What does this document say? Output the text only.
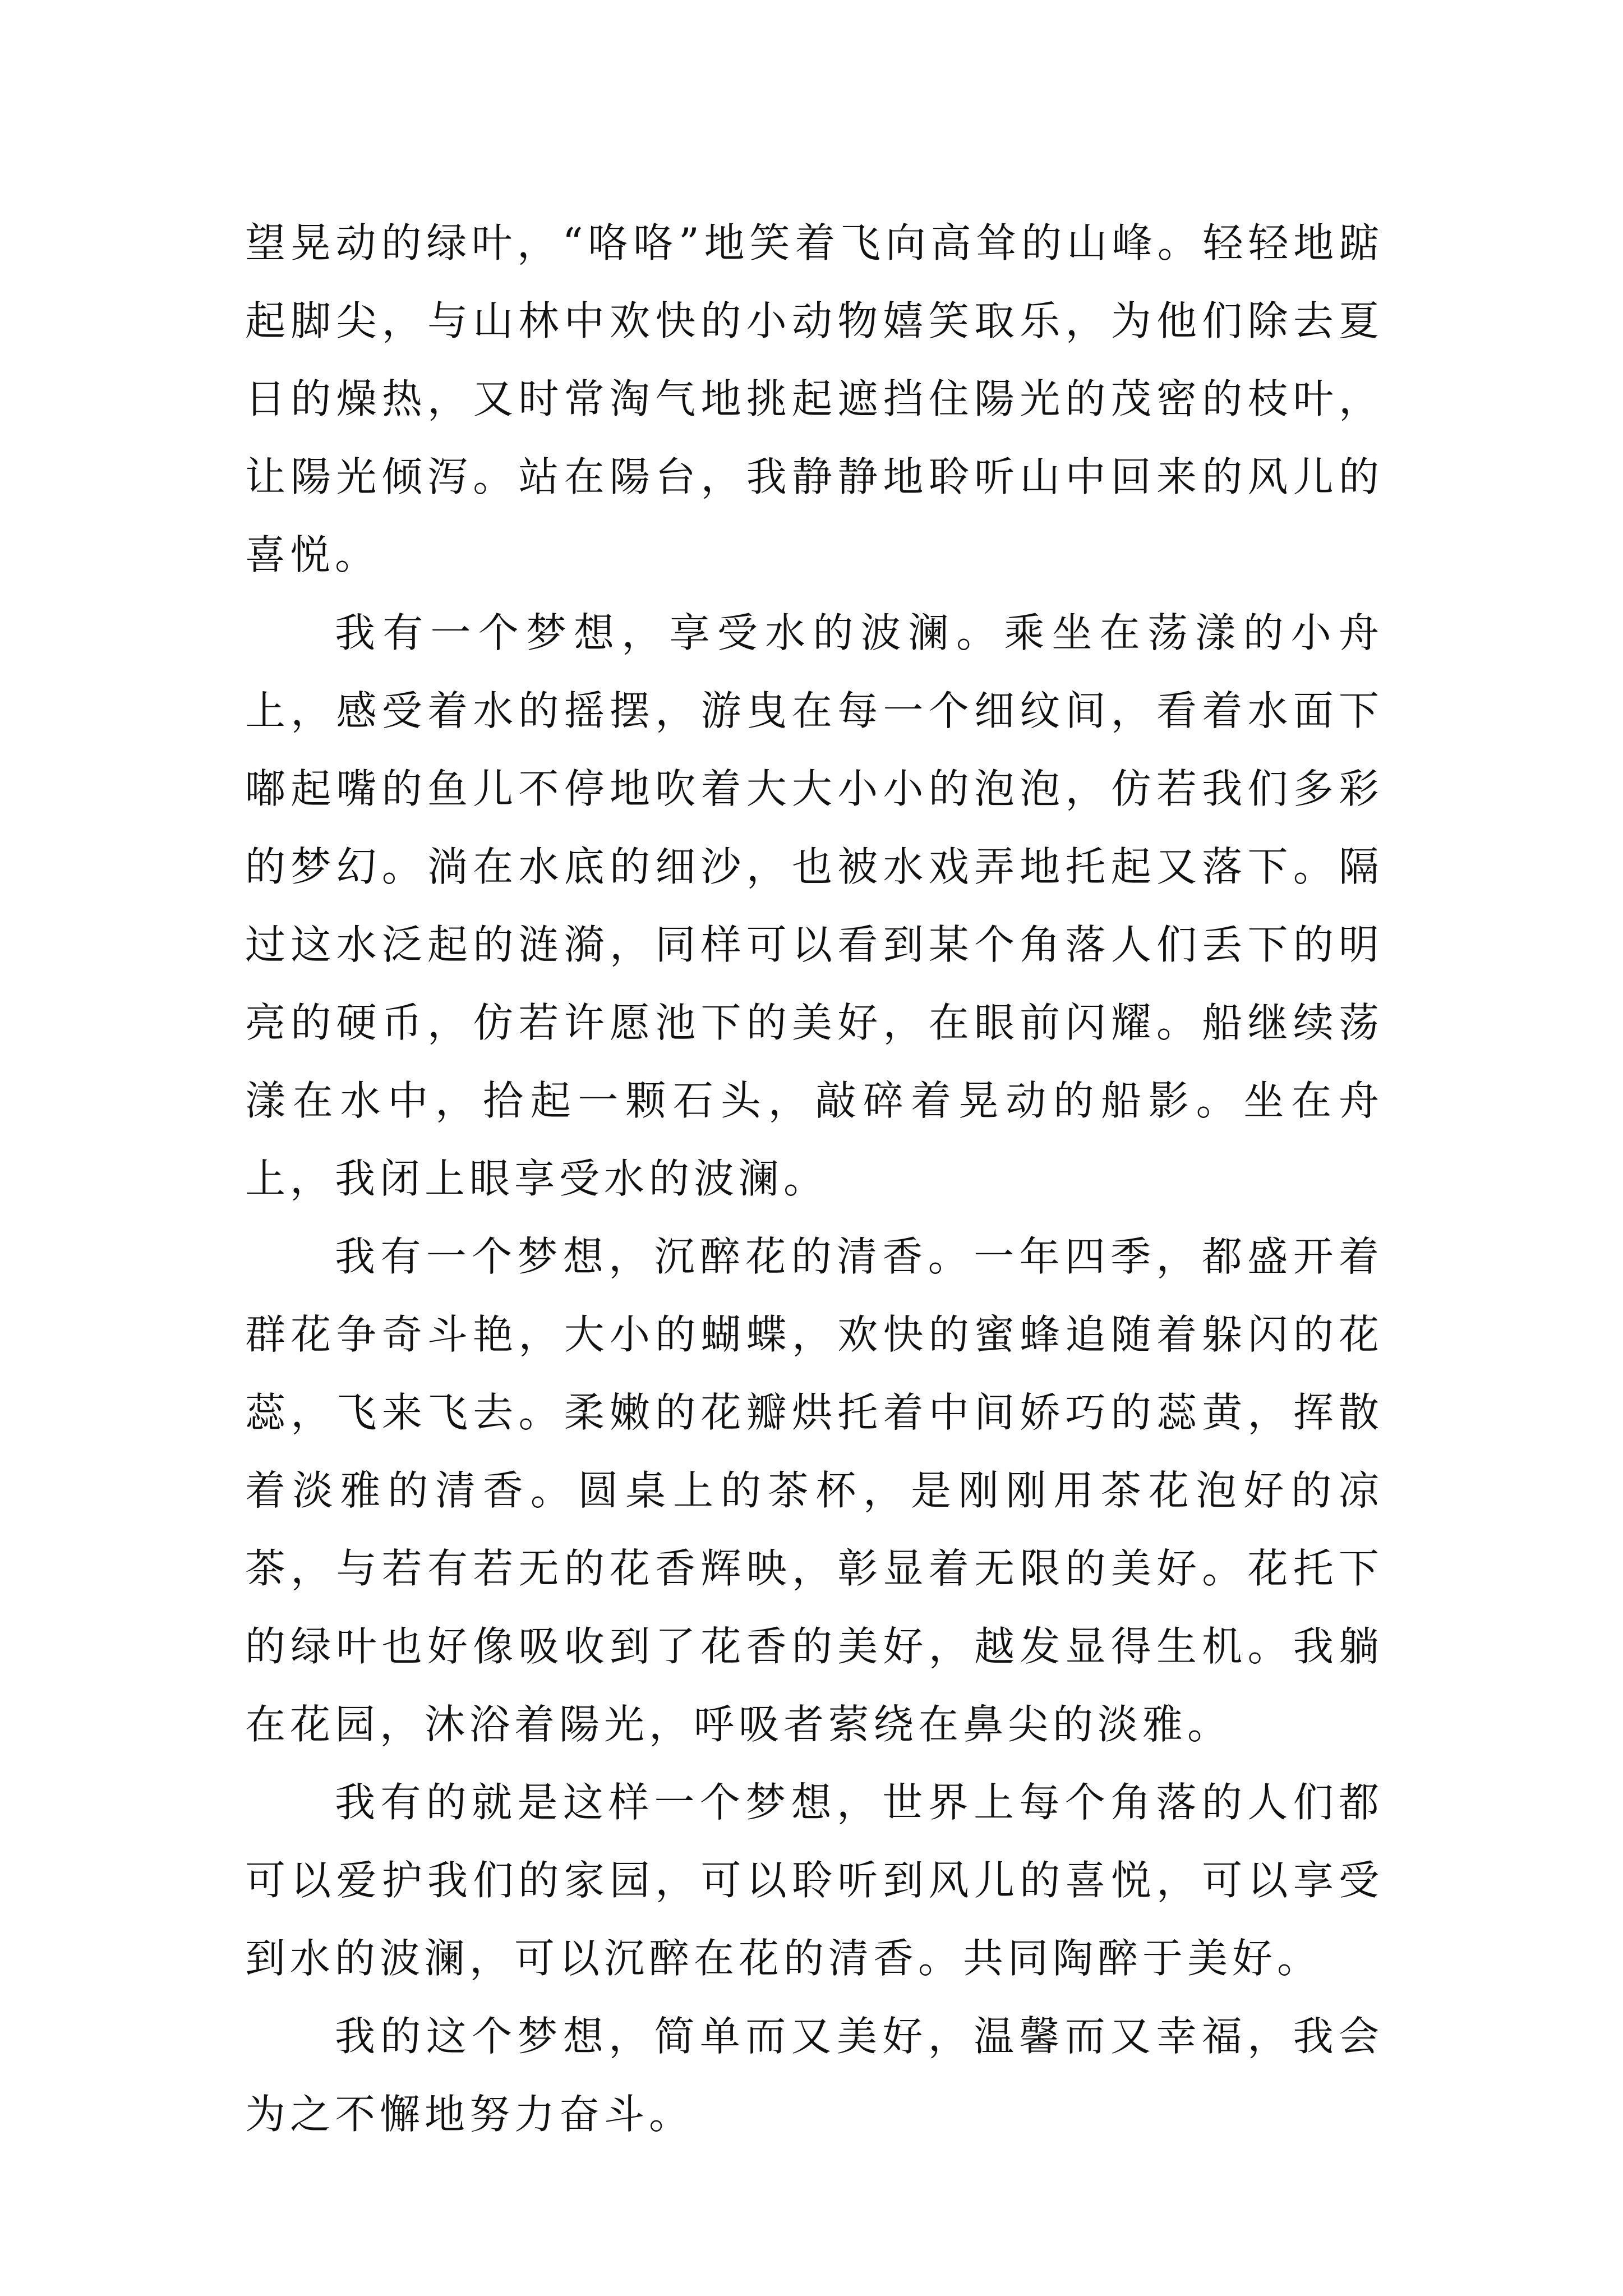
望晃动的绿叶，“咯咯”地笑着飞向高耸的山峰。轻轻地踮起脚尖，与山林中欢快的小动物嬉笑取乐，为他们除去夏日的燥热，又时常淘气地挑起遮挡住陽光的茂密的枝叶，让陽光倾泻。站在陽台，我静静地聆听山中回来的风儿的喜悦。

我有一个梦想，享受水的波澜。乘坐在荡漾的小舟上，感受着水的摇摆，游曳在每一个细纹间，看着水面下嘟起嘴的鱼儿不停地吹着大大小小的泡泡，仿若我们多彩的梦幻。淌在水底的细沙，也被水戏弄地托起又落下。隔过这水泛起的涟漪，同样可以看到某个角落人们丢下的明亮的硬币，仿若许愿池下的美好，在眼前闪耀。船继续荡漾在水中，拾起一颗石头，敲碎着晃动的船影。坐在舟上，我闭上眼享受水的波澜。

我有一个梦想，沉醉花的清香。一年四季，都盛开着群花争奇斗艳，大小的蝴蝶，欢快的蜜蜂追随着躲闪的花蕊，飞来飞去。柔嫩的花瓣烘托着中间娇巧的蕊黄，挥散着淡雅的清香。圆桌上的茶杯，是刚刚用茶花泡好的凉茶，与若有若无的花香辉映，彰显着无限的美好。花托下的绿叶也好像吸收到了花香的美好，越发显得生机。我躺在花园，沐浴着陽光，呼吸者萦绕在鼻尖的淡雅。

我有的就是这样一个梦想，世界上每个角落的人们都可以爱护我们的家园，可以聆听到风儿的喜悦，可以享受到水的波澜，可以沉醉在花的清香。共同陶醉于美好。

我的这个梦想，简单而又美好，温馨而又幸福，我会为之不懈地努力奋斗。
